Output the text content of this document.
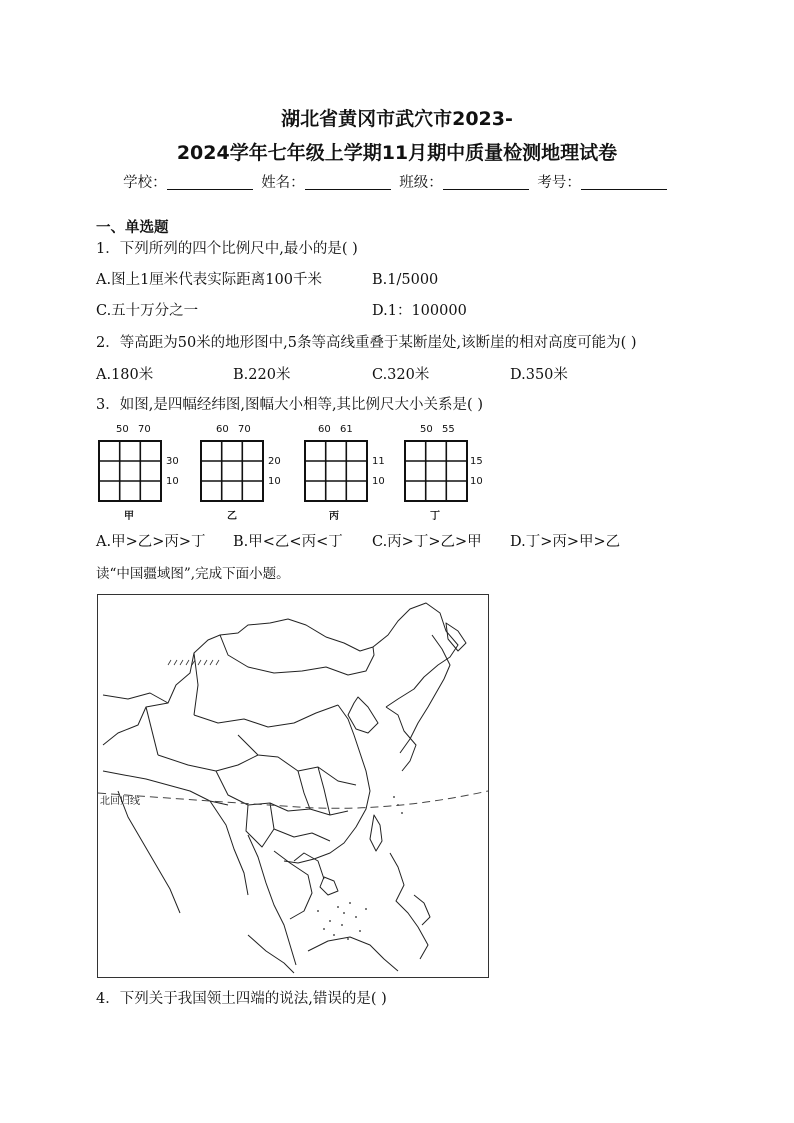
湖北省黄冈市武穴市2023-
2024学年七年级上学期11月期中质量检测地理试卷
学校：	姓名：	班级：	考号：
一、单选题
1．下列所列的四个比例尺中,最小的是( )
A.图上1厘米代表实际距离100千米	B.1/5000
C.五十万分之一	D.1：100000
2．等高距为50米的地形图中,5条等高线重叠于某断崖处,该断崖的相对高度可能为( )
A.180米	B.220米	C.320米	D.350米
3．如图,是四幅经纬图,图幅大小相等,其比例尺大小关系是( )
50 70
30
10
甲
60 70
20
10
乙
60 61
11
10
丙
50 55
15
10
丁
A.甲>乙>丙>丁 B.甲<乙<丙<丁 C.丙>丁>乙>甲 D.丁>丙>甲>乙
读“中国疆域图”,完成下面小题。
北回归线
4．下列关于我国领土四端的说法,错误的是( )
